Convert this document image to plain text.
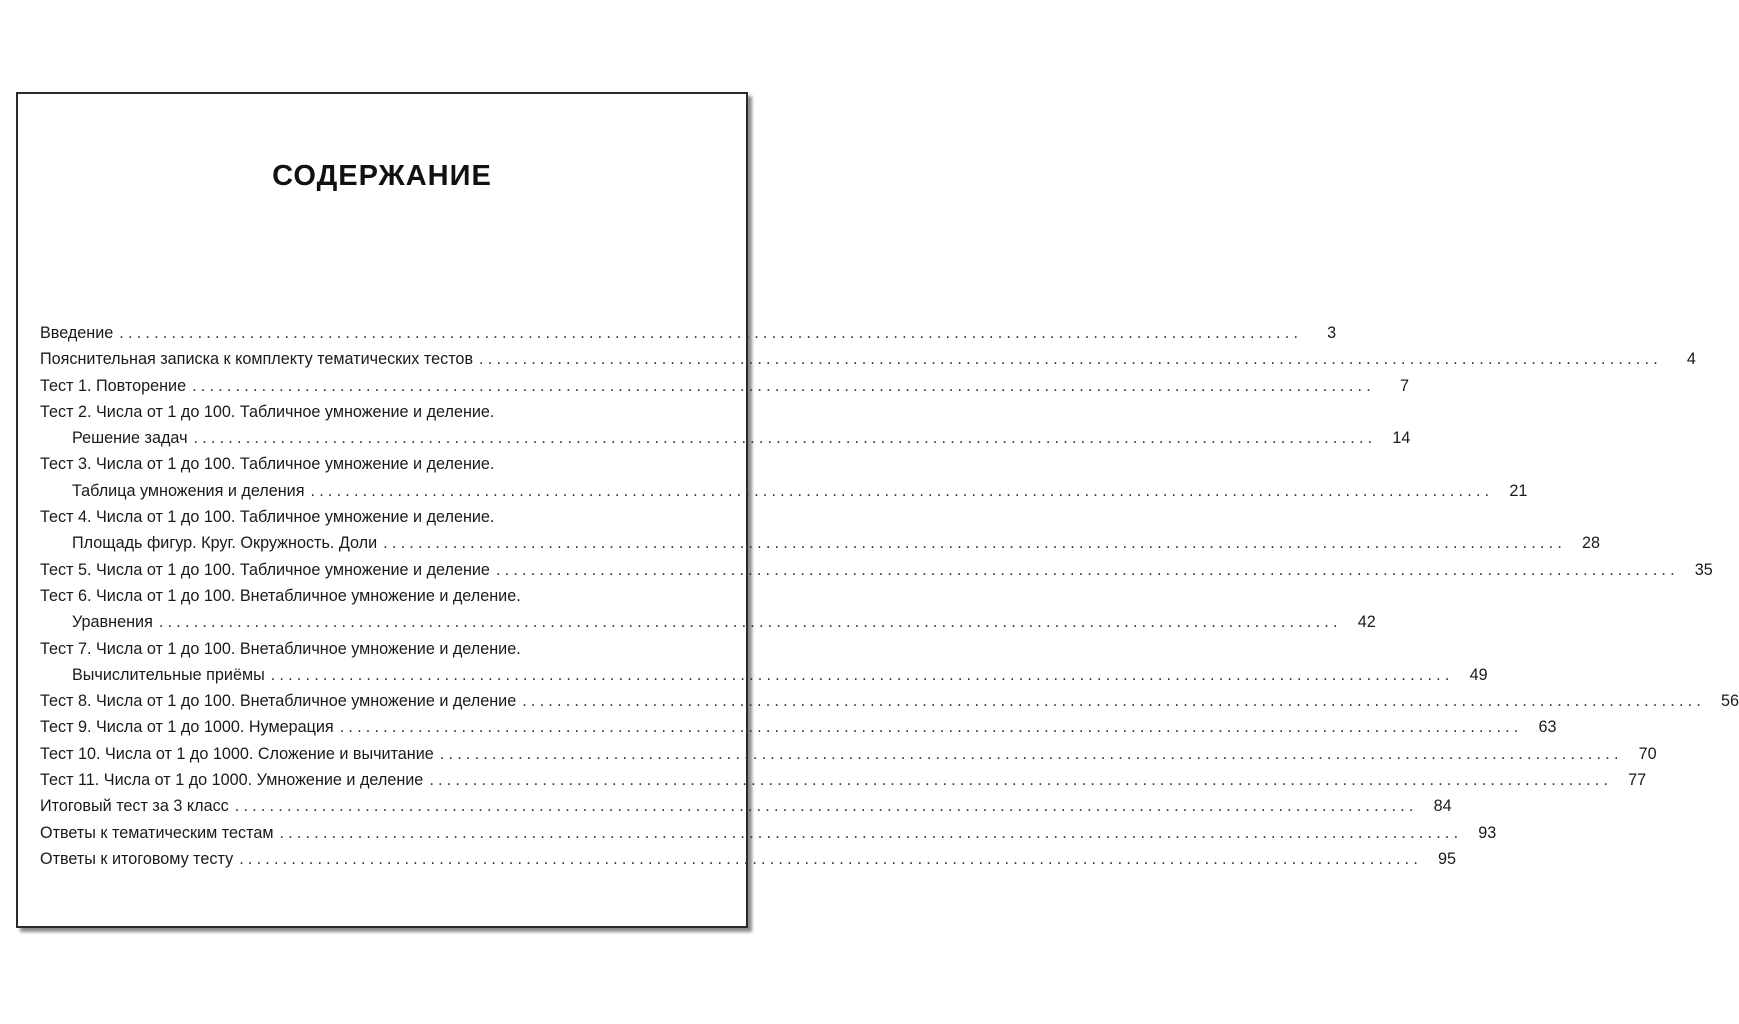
СОДЕРЖАНИЕ
Введение ........................................................................................................................................	3
Пояснительная записка к комплекту тематических тестов ........................................................................................................................................	4
Тест 1. Повторение ........................................................................................................................................	7
Тест 2. Числа от 1 до 100. Табличное умножение и деление.
Решение задач ........................................................................................................................................ 14
Тест 3. Числа от 1 до 100. Табличное умножение и деление.
Таблица умножения и деления ........................................................................................................................................ 21
Тест 4. Числа от 1 до 100. Табличное умножение и деление.
Площадь фигур. Круг. Окружность. Доли ........................................................................................................................................ 28
Тест 5. Числа от 1 до 100. Табличное умножение и деление ........................................................................................................................................ 35
Тест 6. Числа от 1 до 100. Внетабличное умножение и деление.
Уравнения ........................................................................................................................................ 42
Тест 7. Числа от 1 до 100. Внетабличное умножение и деление.
Вычислительные приёмы ........................................................................................................................................ 49
Тест 8. Числа от 1 до 100. Внетабличное умножение и деление ........................................................................................................................................ 56
Тест 9. Числа от 1 до 1000. Нумерация ........................................................................................................................................ 63
Тест 10. Числа от 1 до 1000. Сложение и вычитание ........................................................................................................................................ 70
Тест 11. Числа от 1 до 1000. Умножение и деление ........................................................................................................................................ 77
Итоговый тест за 3 класс ........................................................................................................................................ 84
Ответы к тематическим тестам ........................................................................................................................................ 93
Ответы к итоговому тесту ........................................................................................................................................ 95
